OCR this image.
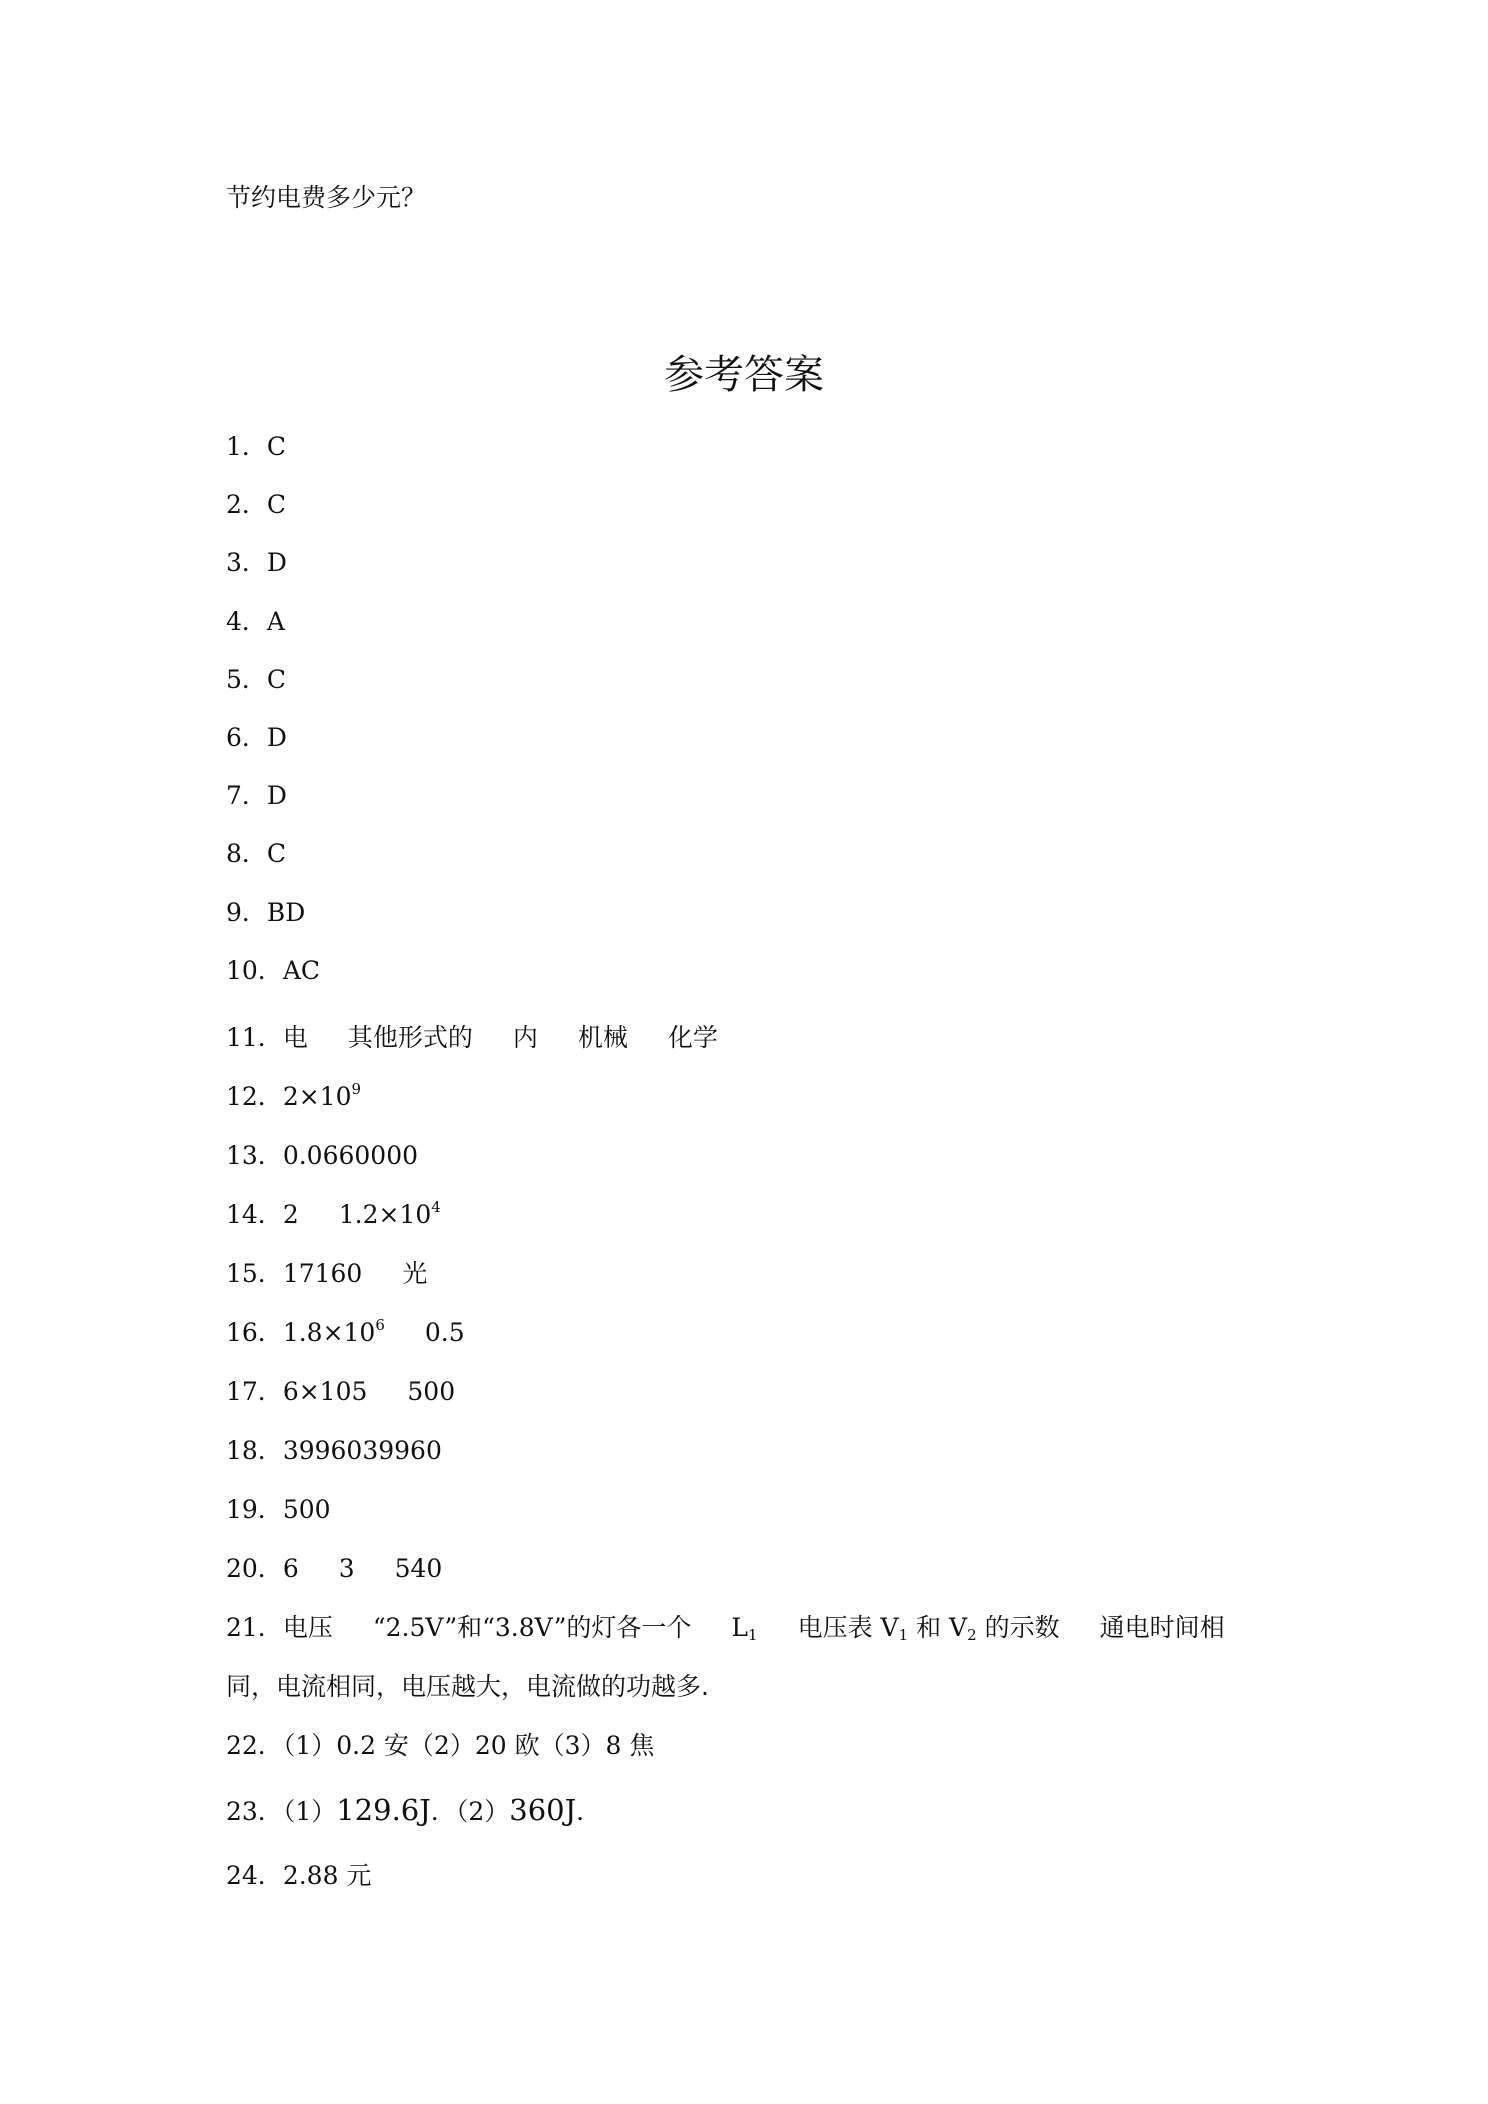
节约电费多少元？
参考答案
1．C
2．C
3．D
4．A
5．C
6．D
7．D
8．C
9．BD
10．AC
11．电 其他形式的 内 机械 化学
12．$2\times 10^9$
13．0.0660000
14．2 $1.2\times 10^4$
15．17160 光
16．$1.8\times 10^6$ 0.5
17．6×105 500
18．3996039960
19．500
20．6 3 540
21．电压 “2.5V”和“3.8V”的灯各一个 $L_1$ 电压表 $V_1$ 和 $V_2$ 的示数 通电时间相
同，电流相同，电压越大，电流做的功越多.
22．（1）0.2 安（2）20 欧（3）8 焦
23．（1）129.6J．（2）360J．
24．2.88 元
